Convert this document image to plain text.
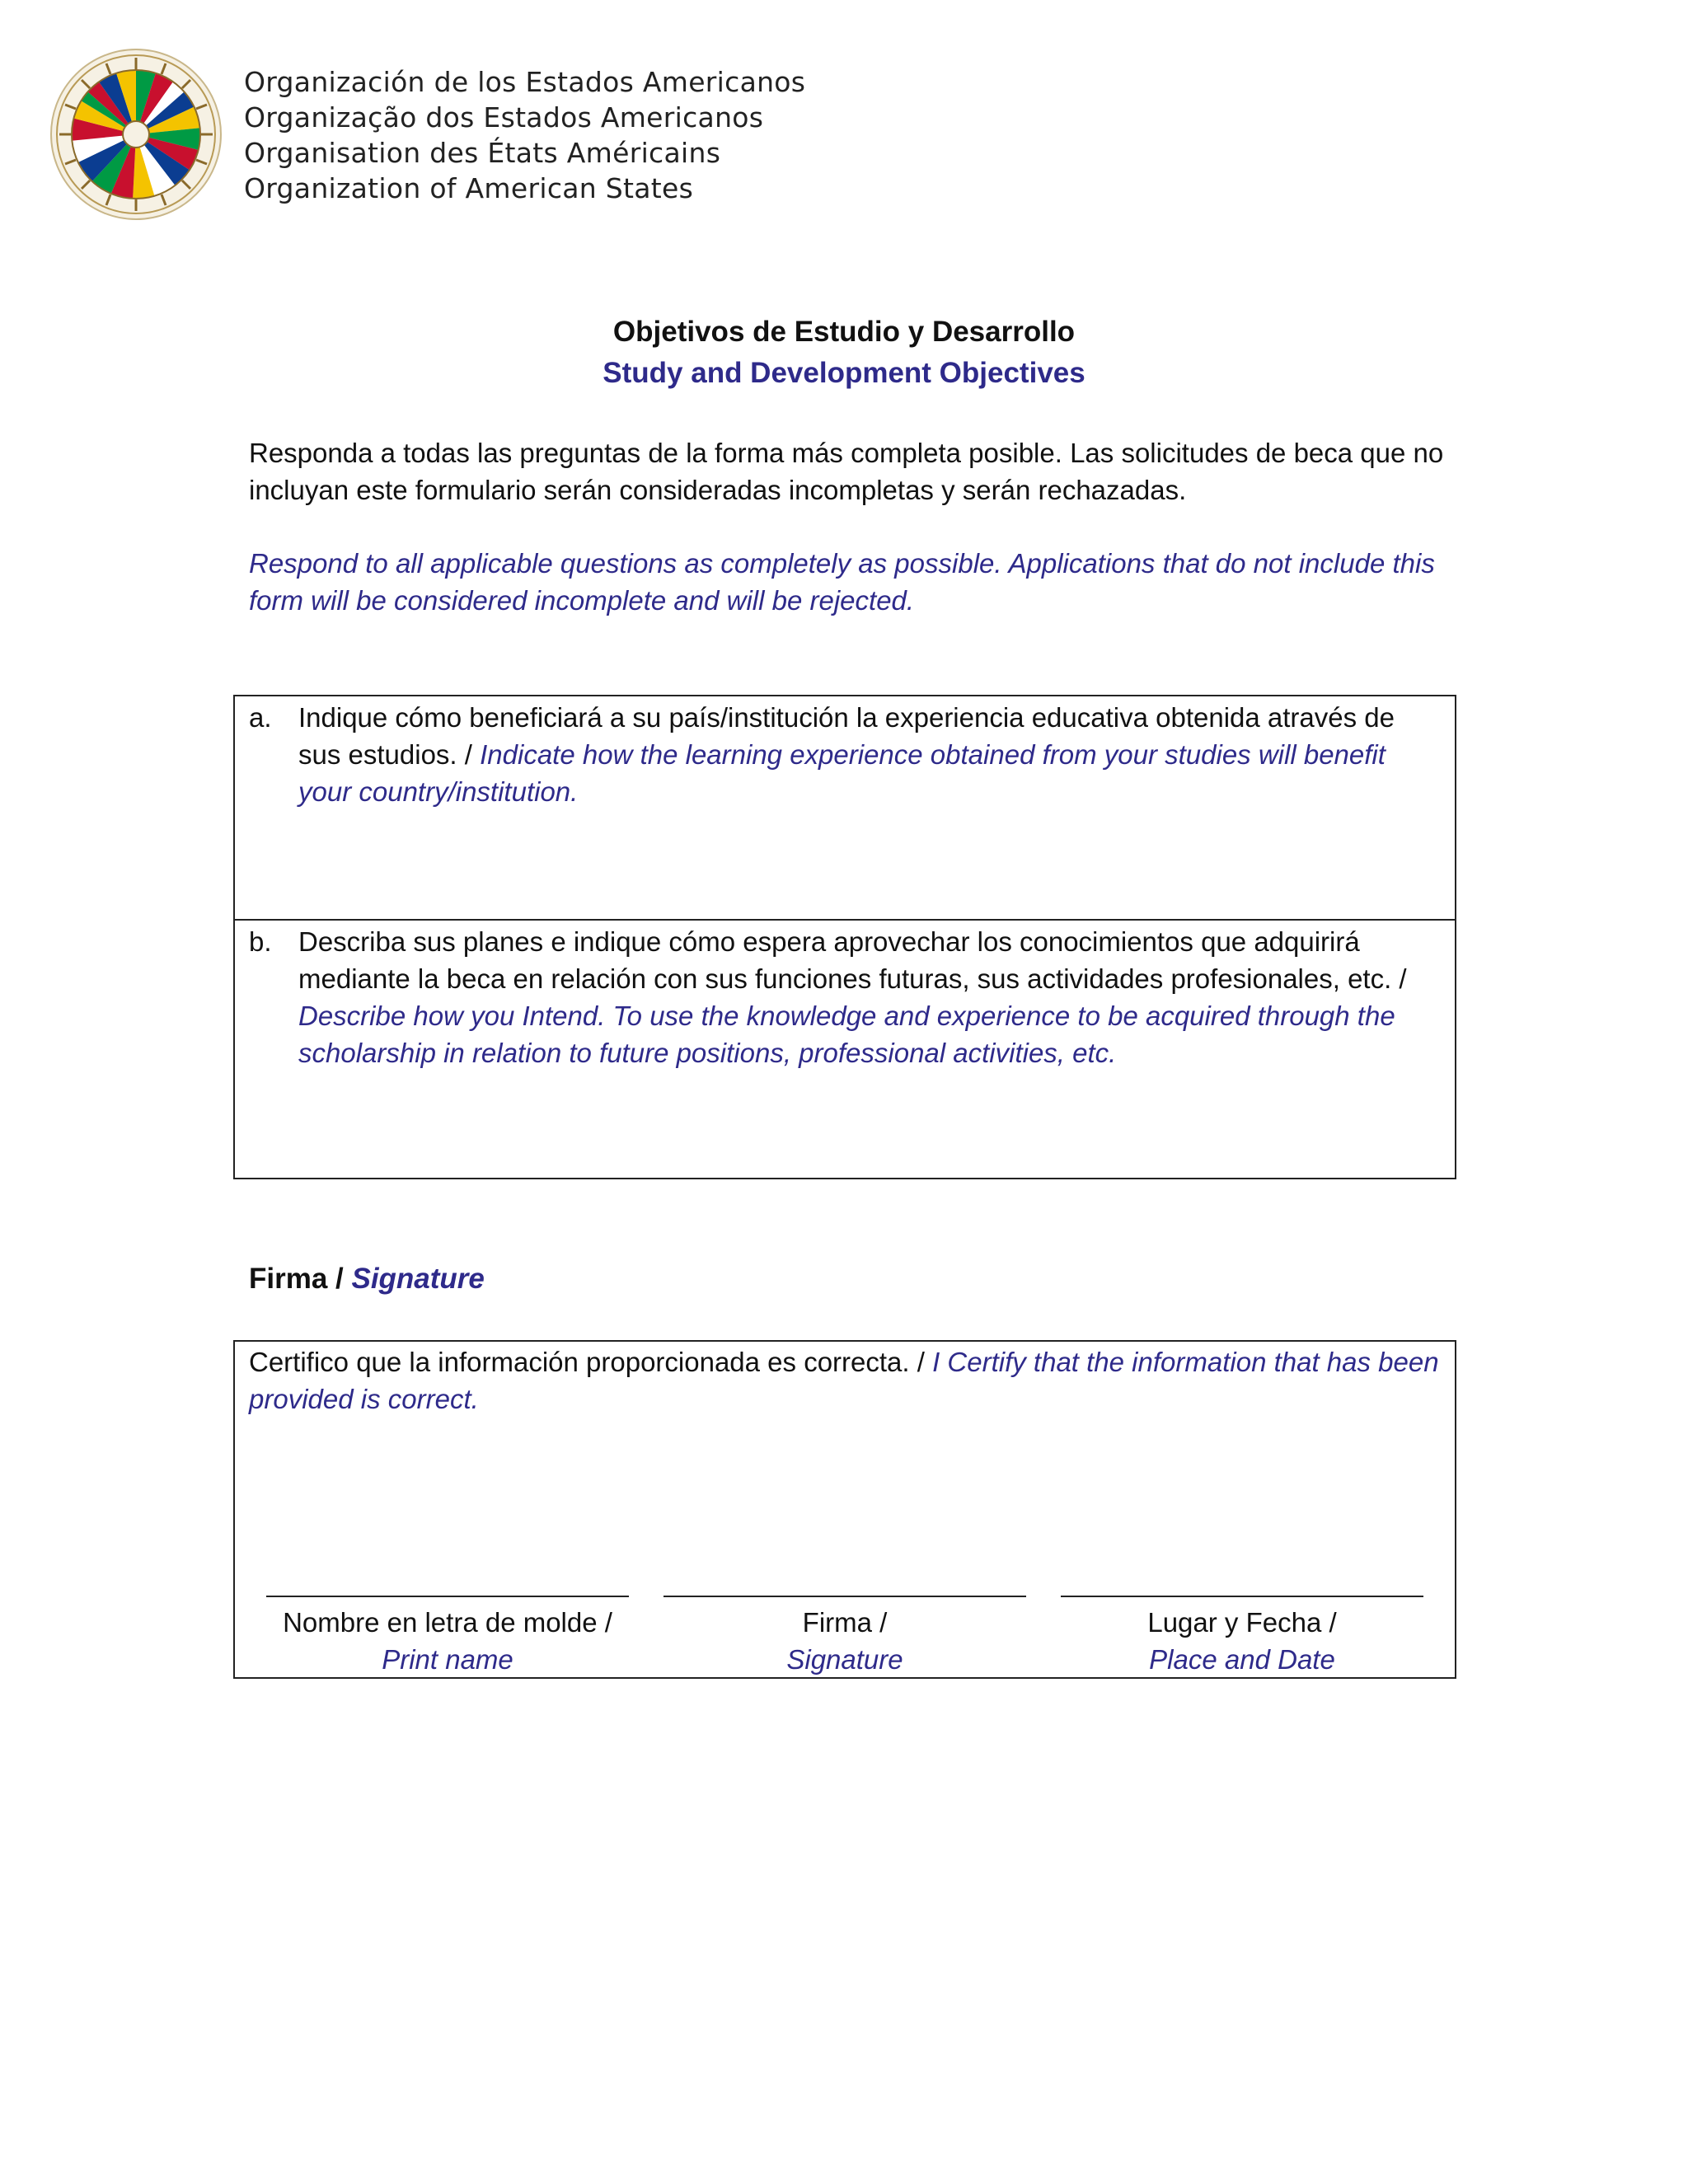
Organización de los Estados Americanos
Organização dos Estados Americanos
Organisation des États Américains
Organization of American States
Objetivos de Estudio y Desarrollo
Study and Development Objectives
Responda a todas las preguntas de la forma más completa posible. Las solicitudes de beca que no incluyan este formulario serán consideradas incompletas y serán rechazadas.
Respond to all applicable questions as completely as possible. Applications that do not include this form will be considered incomplete and will be rejected.
a. Indique cómo beneficiará a su país/institución la experiencia educativa obtenida através de sus estudios. / Indicate how the learning experience obtained from your studies will benefit your country/institution.
b. Describa sus planes e indique cómo espera aprovechar los conocimientos que adquirirá mediante la beca en relación con sus funciones futuras, sus actividades profesionales, etc. / Describe how you Intend. To use the knowledge and experience to be acquired through the scholarship in relation to future positions, professional activities, etc.
Firma / Signature
Certifico que la información proporcionada es correcta. / I Certify that the information that has been provided is correct.
Nombre en letra de molde /
Print name
Firma /
Signature
Lugar y Fecha /
Place and Date
